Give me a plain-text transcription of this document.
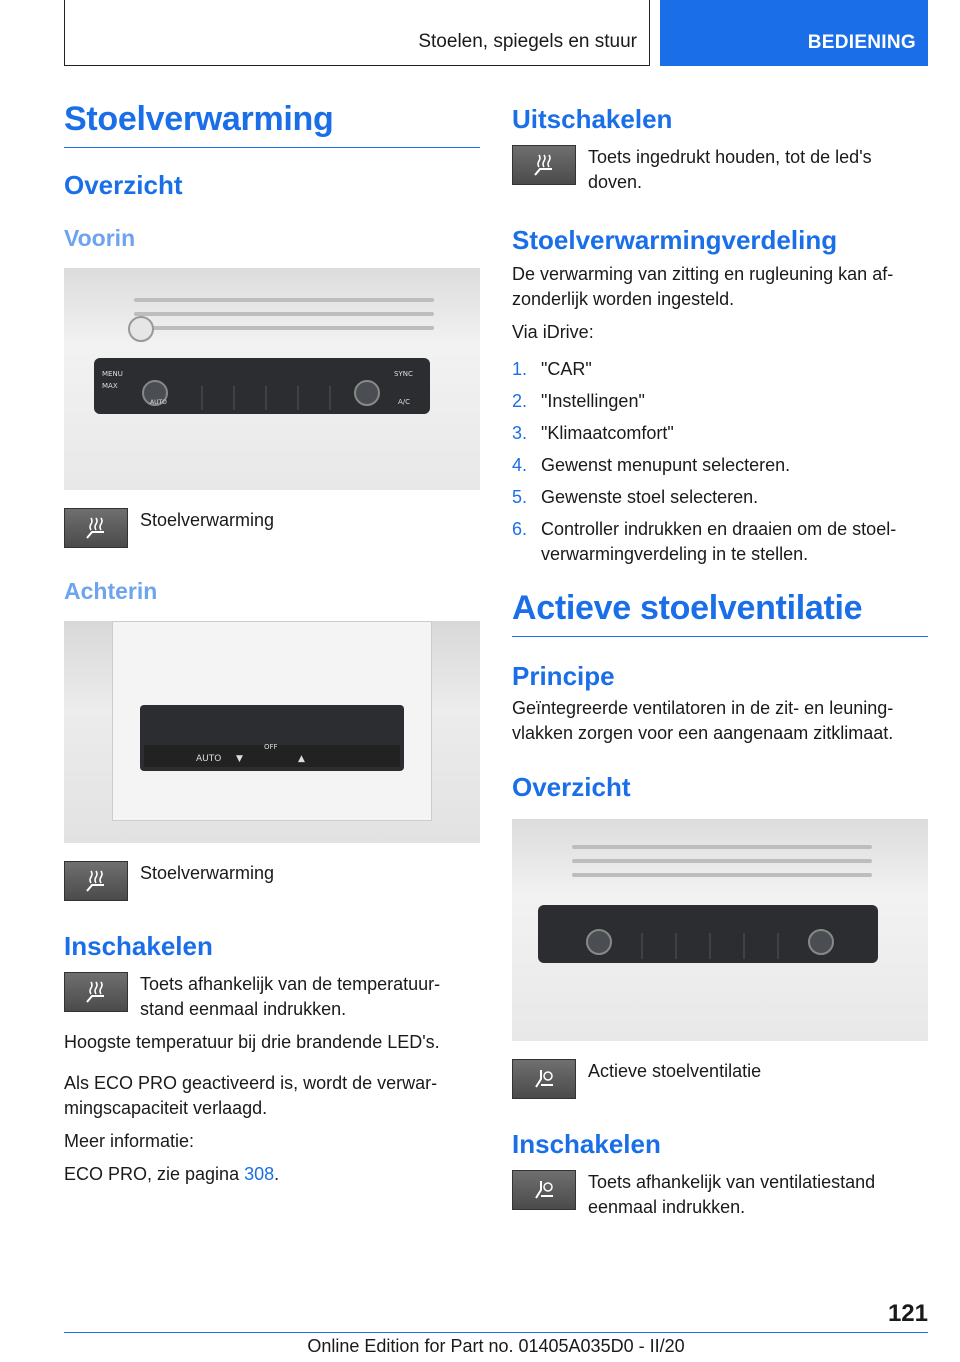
Stoelen, spiegels en stuur	BEDIENING
Stoelverwarming
Overzicht
Voorin
MENU
MAX
AUTO
SYNC
A/C

Stoelverwarming

Achterin
AUTO
OFF
▼	▲

Stoelverwarming

Inschakelen

Toets afhankelijk van de temperatuur-stand eenmaal indrukken.

Hoogste temperatuur bij drie brandende LED's.

Als ECO PRO geactiveerd is, wordt de verwar-mingscapaciteit verlaagd.

Meer informatie:

ECO PRO, zie pagina 308.

Uitschakelen

Toets ingedrukt houden, tot de led's doven.

Stoelverwarmingverdeling

De verwarming van zitting en rugleuning kan af-zonderlijk worden ingesteld.

Via iDrive:

1. "CAR"
2. "Instellingen"
3. "Klimaatcomfort"
4. Gewenst menupunt selecteren.
5. Gewenste stoel selecteren.
6. Controller indrukken en draaien om de stoel-verwarmingverdeling in te stellen.
Actieve stoelventilatie
Principe

Geïntegreerde ventilatoren in de zit- en leuning-vlakken zorgen voor een aangenaam zitklimaat.

Overzicht

Actieve stoelventilatie

Inschakelen

Toets afhankelijk van ventilatiestand eenmaal indrukken.

121
Online Edition for Part no. 01405A035D0 - II/20
